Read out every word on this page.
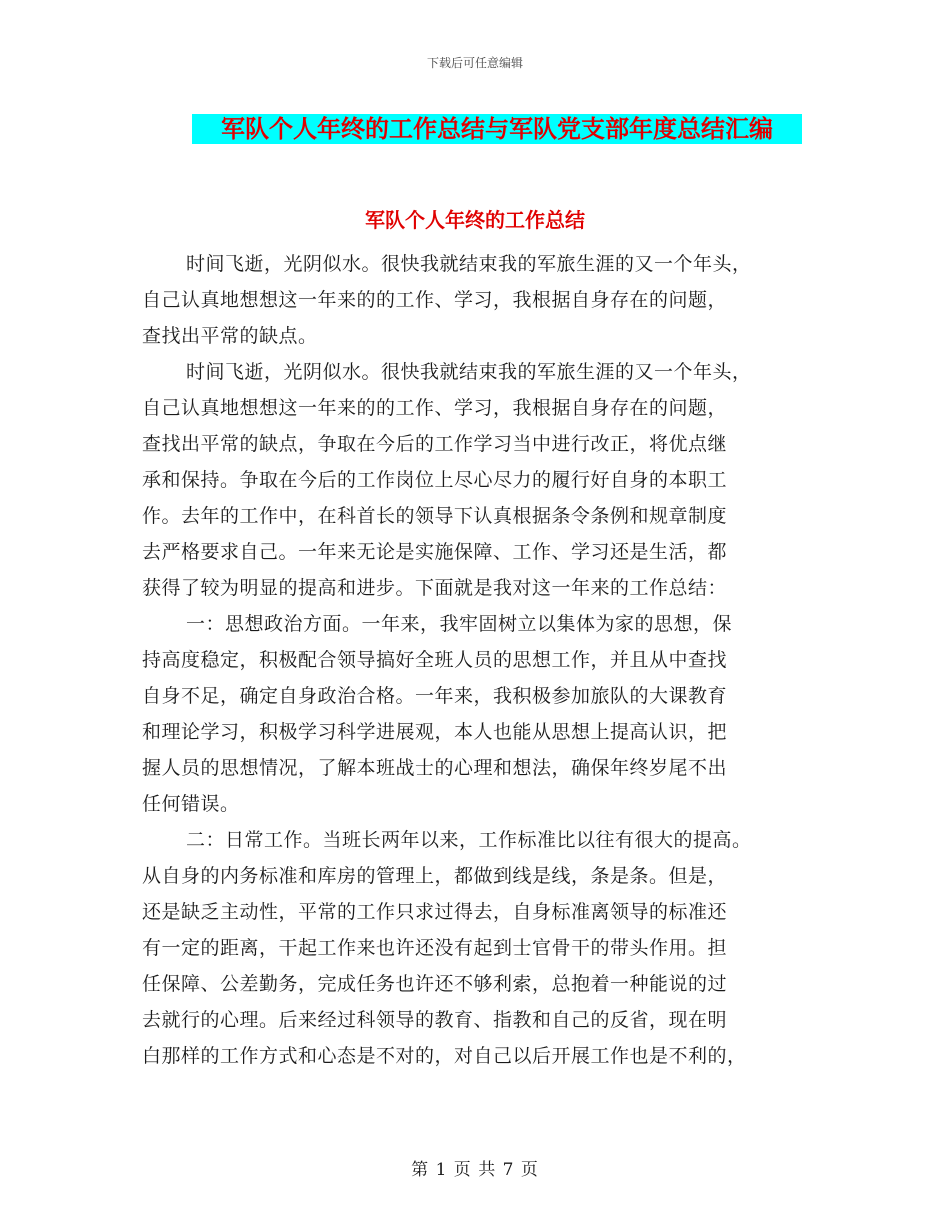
下载后可任意编辑
军队个人年终的工作总结与军队党支部年度总结汇编
军队个人年终的工作总结
时间飞逝，光阴似水。很快我就结束我的军旅生涯的又一个年头，
自己认真地想想这一年来的的工作、学习，我根据自身存在的问题，
查找出平常的缺点。
时间飞逝，光阴似水。很快我就结束我的军旅生涯的又一个年头，
自己认真地想想这一年来的的工作、学习，我根据自身存在的问题，
查找出平常的缺点，争取在今后的工作学习当中进行改正，将优点继
承和保持。争取在今后的工作岗位上尽心尽力的履行好自身的本职工
作。去年的工作中，在科首长的领导下认真根据条令条例和规章制度
去严格要求自己。一年来无论是实施保障、工作、学习还是生活，都
获得了较为明显的提高和进步。下面就是我对这一年来的工作总结：
一：思想政治方面。一年来，我牢固树立以集体为家的思想，保
持高度稳定，积极配合领导搞好全班人员的思想工作，并且从中查找
自身不足，确定自身政治合格。一年来，我积极参加旅队的大课教育
和理论学习，积极学习科学进展观，本人也能从思想上提高认识，把
握人员的思想情况，了解本班战士的心理和想法，确保年终岁尾不出
任何错误。
二：日常工作。当班长两年以来，工作标准比以往有很大的提高。
从自身的内务标准和库房的管理上，都做到线是线，条是条。但是，
还是缺乏主动性，平常的工作只求过得去，自身标准离领导的标准还
有一定的距离，干起工作来也许还没有起到士官骨干的带头作用。担
任保障、公差勤务，完成任务也许还不够利索，总抱着一种能说的过
去就行的心理。后来经过科领导的教育、指教和自己的反省，现在明
白那样的工作方式和心态是不对的，对自己以后开展工作也是不利的，
第 1 页 共 7 页
